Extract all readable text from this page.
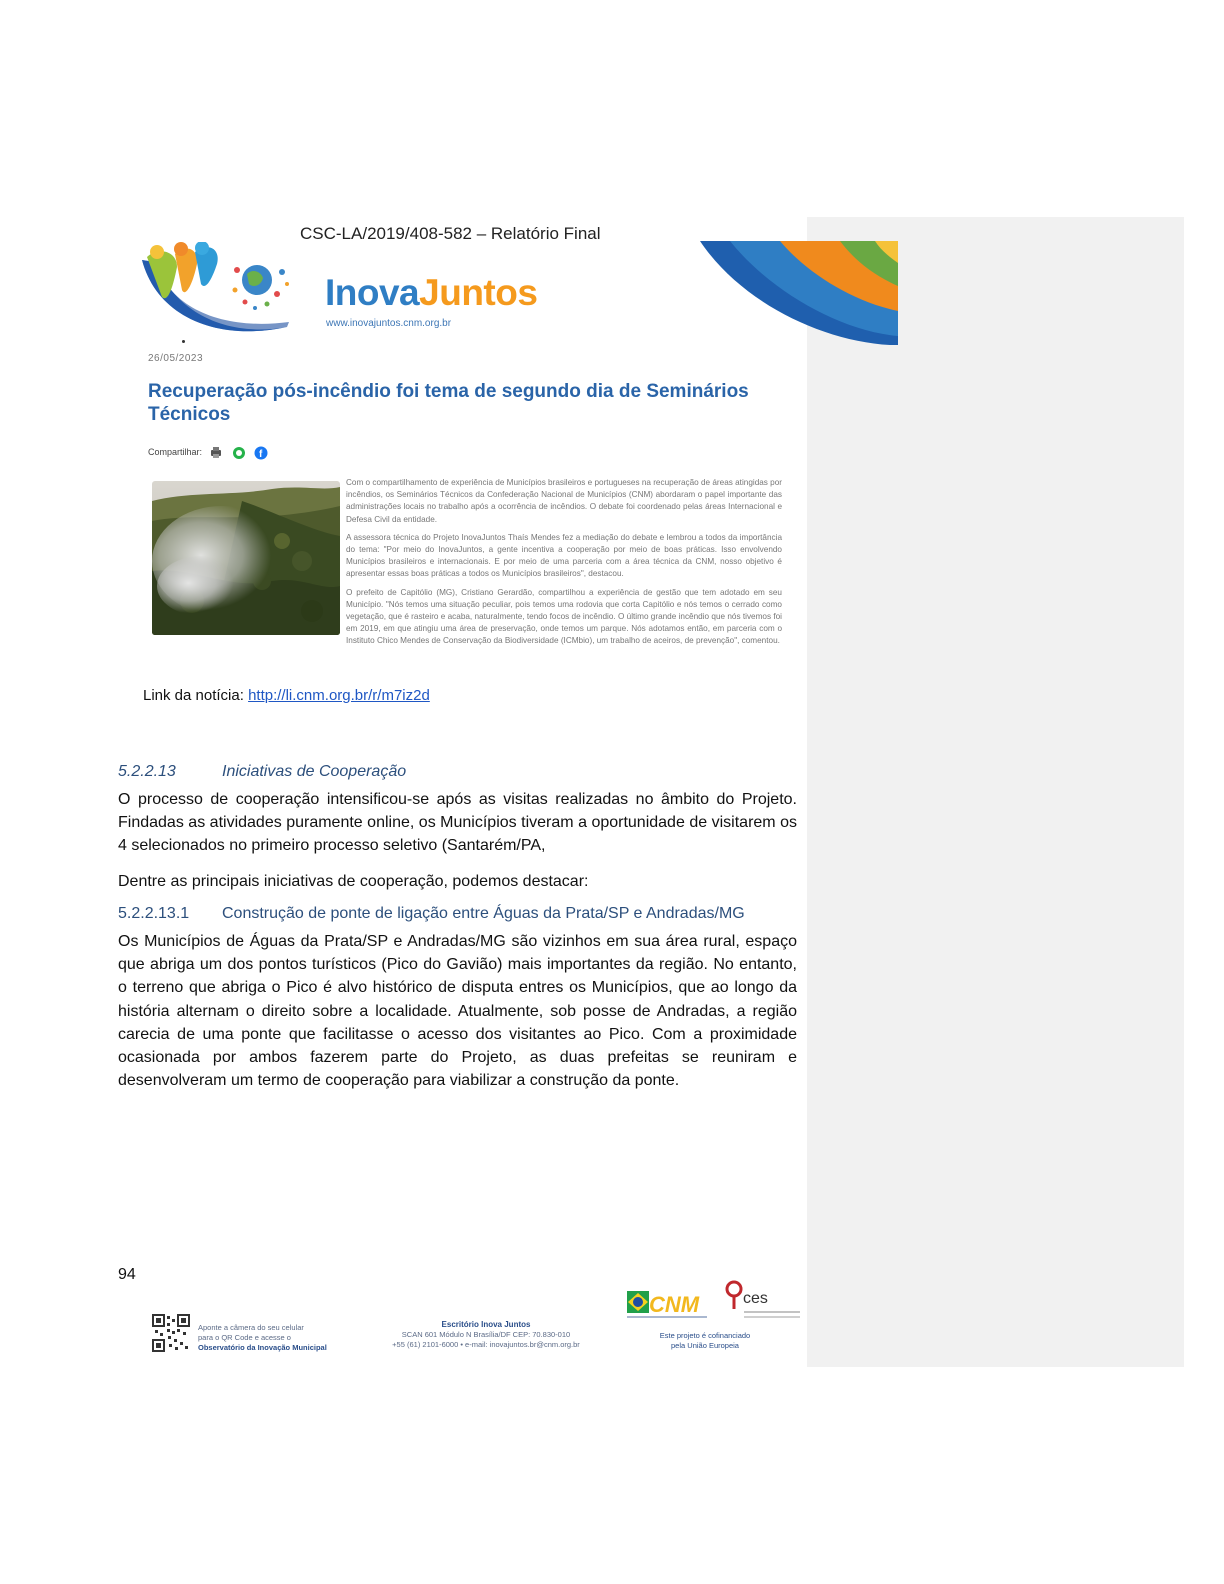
CSC-LA/2019/408-582 – Relatório Final
InovaJuntos
www.inovajuntos.cnm.org.br
26/05/2023
Recuperação pós-incêndio foi tema de segundo dia de Seminários Técnicos
Compartilhar:	f

Com o compartilhamento de experiência de Municípios brasileiros e portugueses na recuperação de áreas atingidas por incêndios, os Seminários Técnicos da Confederação Nacional de Municípios (CNM) abordaram o papel importante das administrações locais no trabalho após a ocorrência de incêndios. O debate foi coordenado pelas áreas Internacional e Defesa Civil da entidade.

A assessora técnica do Projeto InovaJuntos Thaís Mendes fez a mediação do debate e lembrou a todos da importância do tema: "Por meio do InovaJuntos, a gente incentiva a cooperação por meio de boas práticas. Isso envolvendo Municípios brasileiros e internacionais. E por meio de uma parceria com a área técnica da CNM, nosso objetivo é apresentar essas boas práticas a todos os Municípios brasileiros", destacou.

O prefeito de Capitólio (MG), Cristiano Gerardão, compartilhou a experiência de gestão que tem adotado em seu Município. "Nós temos uma situação peculiar, pois temos uma rodovia que corta Capitólio e nós temos o cerrado como vegetação, que é rasteiro e acaba, naturalmente, tendo focos de incêndio. O último grande incêndio que nós tivemos foi em 2019, em que atingiu uma área de preservação, onde temos um parque. Nós adotamos então, em parceria com o Instituto Chico Mendes de Conservação da Biodiversidade (ICMbio), um trabalho de aceiros, de prevenção", comentou.

Link da notícia: http://li.cnm.org.br/r/m7iz2d
5.2.2.13	Iniciativas de Cooperação
O processo de cooperação intensificou-se após as visitas realizadas no âmbito do Projeto. Findadas as atividades puramente online, os Municípios tiveram a oportunidade de visitarem os 4 selecionados no primeiro processo seletivo (Santarém/PA,
Dentre as principais iniciativas de cooperação, podemos destacar:
5.2.2.13.1 Construção de ponte de ligação entre Águas da Prata/SP e Andradas/MG
Os Municípios de Águas da Prata/SP e Andradas/MG são vizinhos em sua área rural, espaço que abriga um dos pontos turísticos (Pico do Gavião) mais importantes da região. No entanto, o terreno que abriga o Pico é alvo histórico de disputa entres os Municípios, que ao longo da história alternam o direito sobre a localidade. Atualmente, sob posse de Andradas, a região carecia de uma ponte que facilitasse o acesso dos visitantes ao Pico. Com a proximidade ocasionada por ambos fazerem parte do Projeto, as duas prefeitas se reuniram e desenvolveram um termo de cooperação para viabilizar a construção da ponte.
94
Aponte a câmera do seu celular
para o QR Code e acesse o
Observatório da Inovação Municipal
Escritório Inova Juntos
SCAN 601 Módulo N Brasília/DF CEP: 70.830-010
+55 (61) 2101-6000 • e-mail: inovajuntos.br@cnm.org.br
CNM	ces
Este projeto é cofinanciado
pela União Europeia
